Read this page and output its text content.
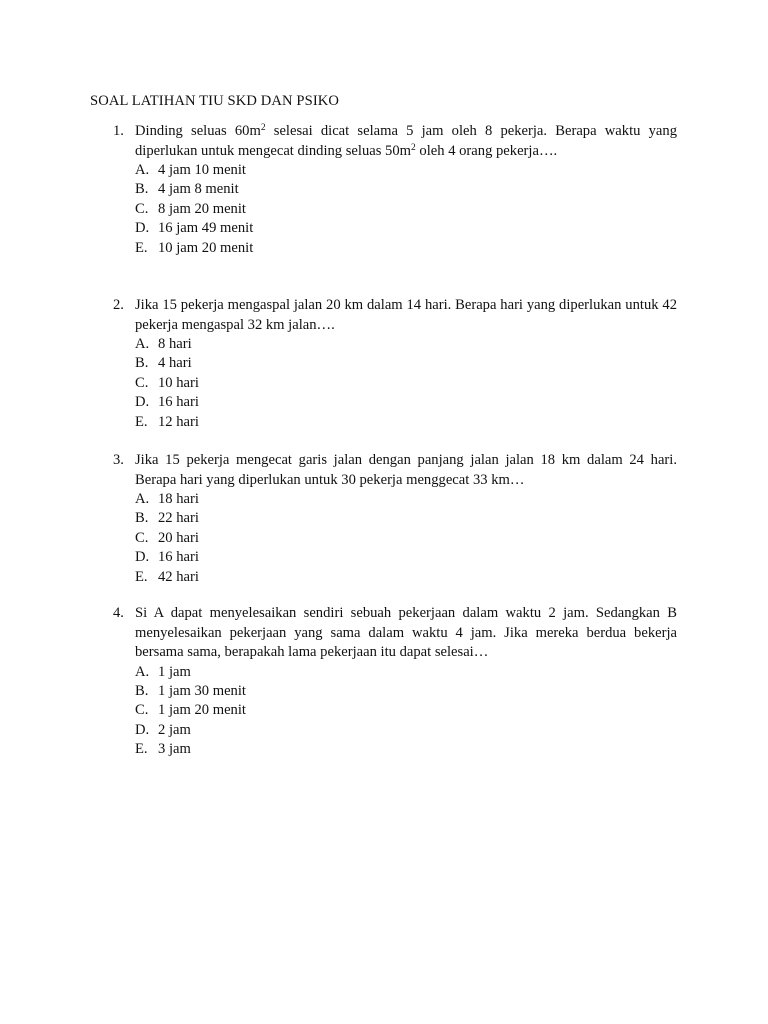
SOAL LATIHAN TIU SKD DAN PSIKO
1. Dinding seluas $60m^2$ selesai dicat selama 5 jam oleh 8 pekerja. Berapa waktu yang diperlukan untuk mengecat dinding seluas $50m^2$ oleh 4 orang pekerja….
A. 4 jam 10 menit
B. 4 jam 8 menit
C. 8 jam 20 menit
D. 16 jam 49 menit
E. 10 jam 20 menit
2. Jika 15 pekerja mengaspal jalan 20 km dalam 14 hari. Berapa hari yang diperlukan untuk 42 pekerja mengaspal 32 km jalan….
A. 8 hari
B. 4 hari
C. 10 hari
D. 16 hari
E. 12 hari
3. Jika 15 pekerja mengecat garis jalan dengan panjang jalan jalan 18 km dalam 24 hari. Berapa hari yang diperlukan untuk 30 pekerja menggecat 33 km…
A. 18 hari
B. 22 hari
C. 20 hari
D. 16 hari
E. 42 hari
4. Si A dapat menyelesaikan sendiri sebuah pekerjaan dalam waktu 2 jam. Sedangkan B menyelesaikan pekerjaan yang sama dalam waktu 4 jam. Jika mereka berdua bekerja bersama sama, berapakah lama pekerjaan itu dapat selesai…
A. 1 jam
B. 1 jam 30 menit
C. 1 jam 20 menit
D. 2 jam
E. 3 jam
